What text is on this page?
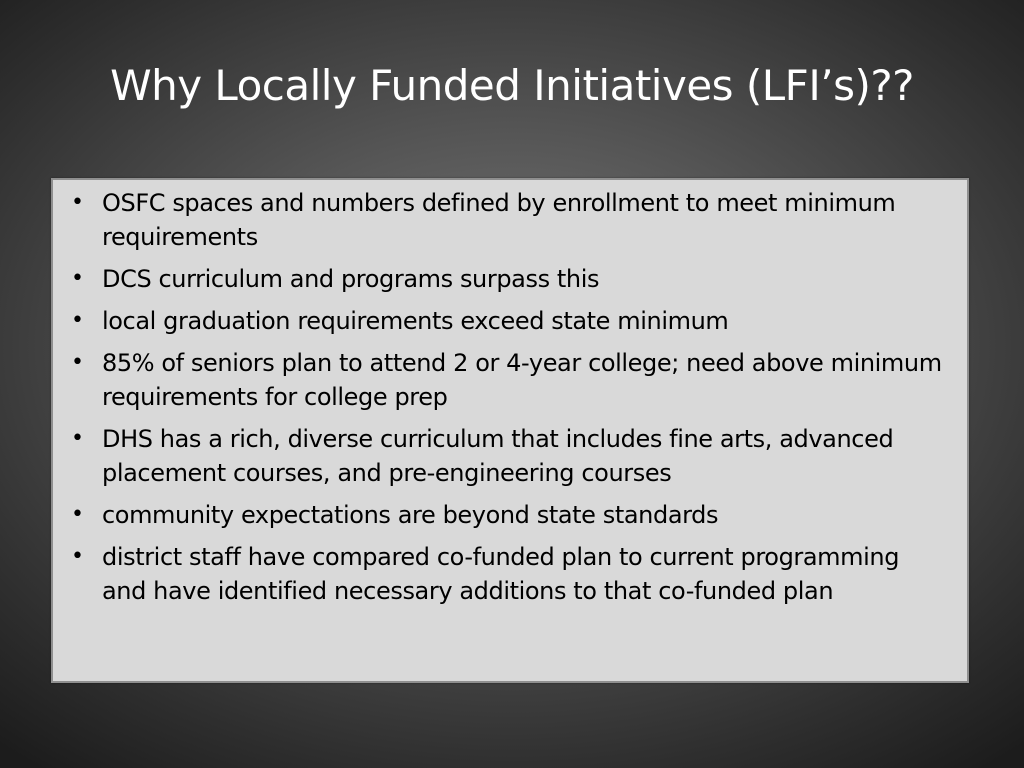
Why Locally Funded Initiatives (LFI’s)??
• OSFC spaces and numbers defined by enrollment to meet minimum requirements
• DCS curriculum and programs surpass this
• local graduation requirements exceed state minimum
• 85% of seniors plan to attend 2 or 4-year college; need above minimum requirements for college prep
• DHS has a rich, diverse curriculum that includes fine arts, advanced placement courses, and pre-engineering courses
• community expectations are beyond state standards
• district staff have compared co-funded plan to current programming and have identified necessary additions to that co-funded plan
